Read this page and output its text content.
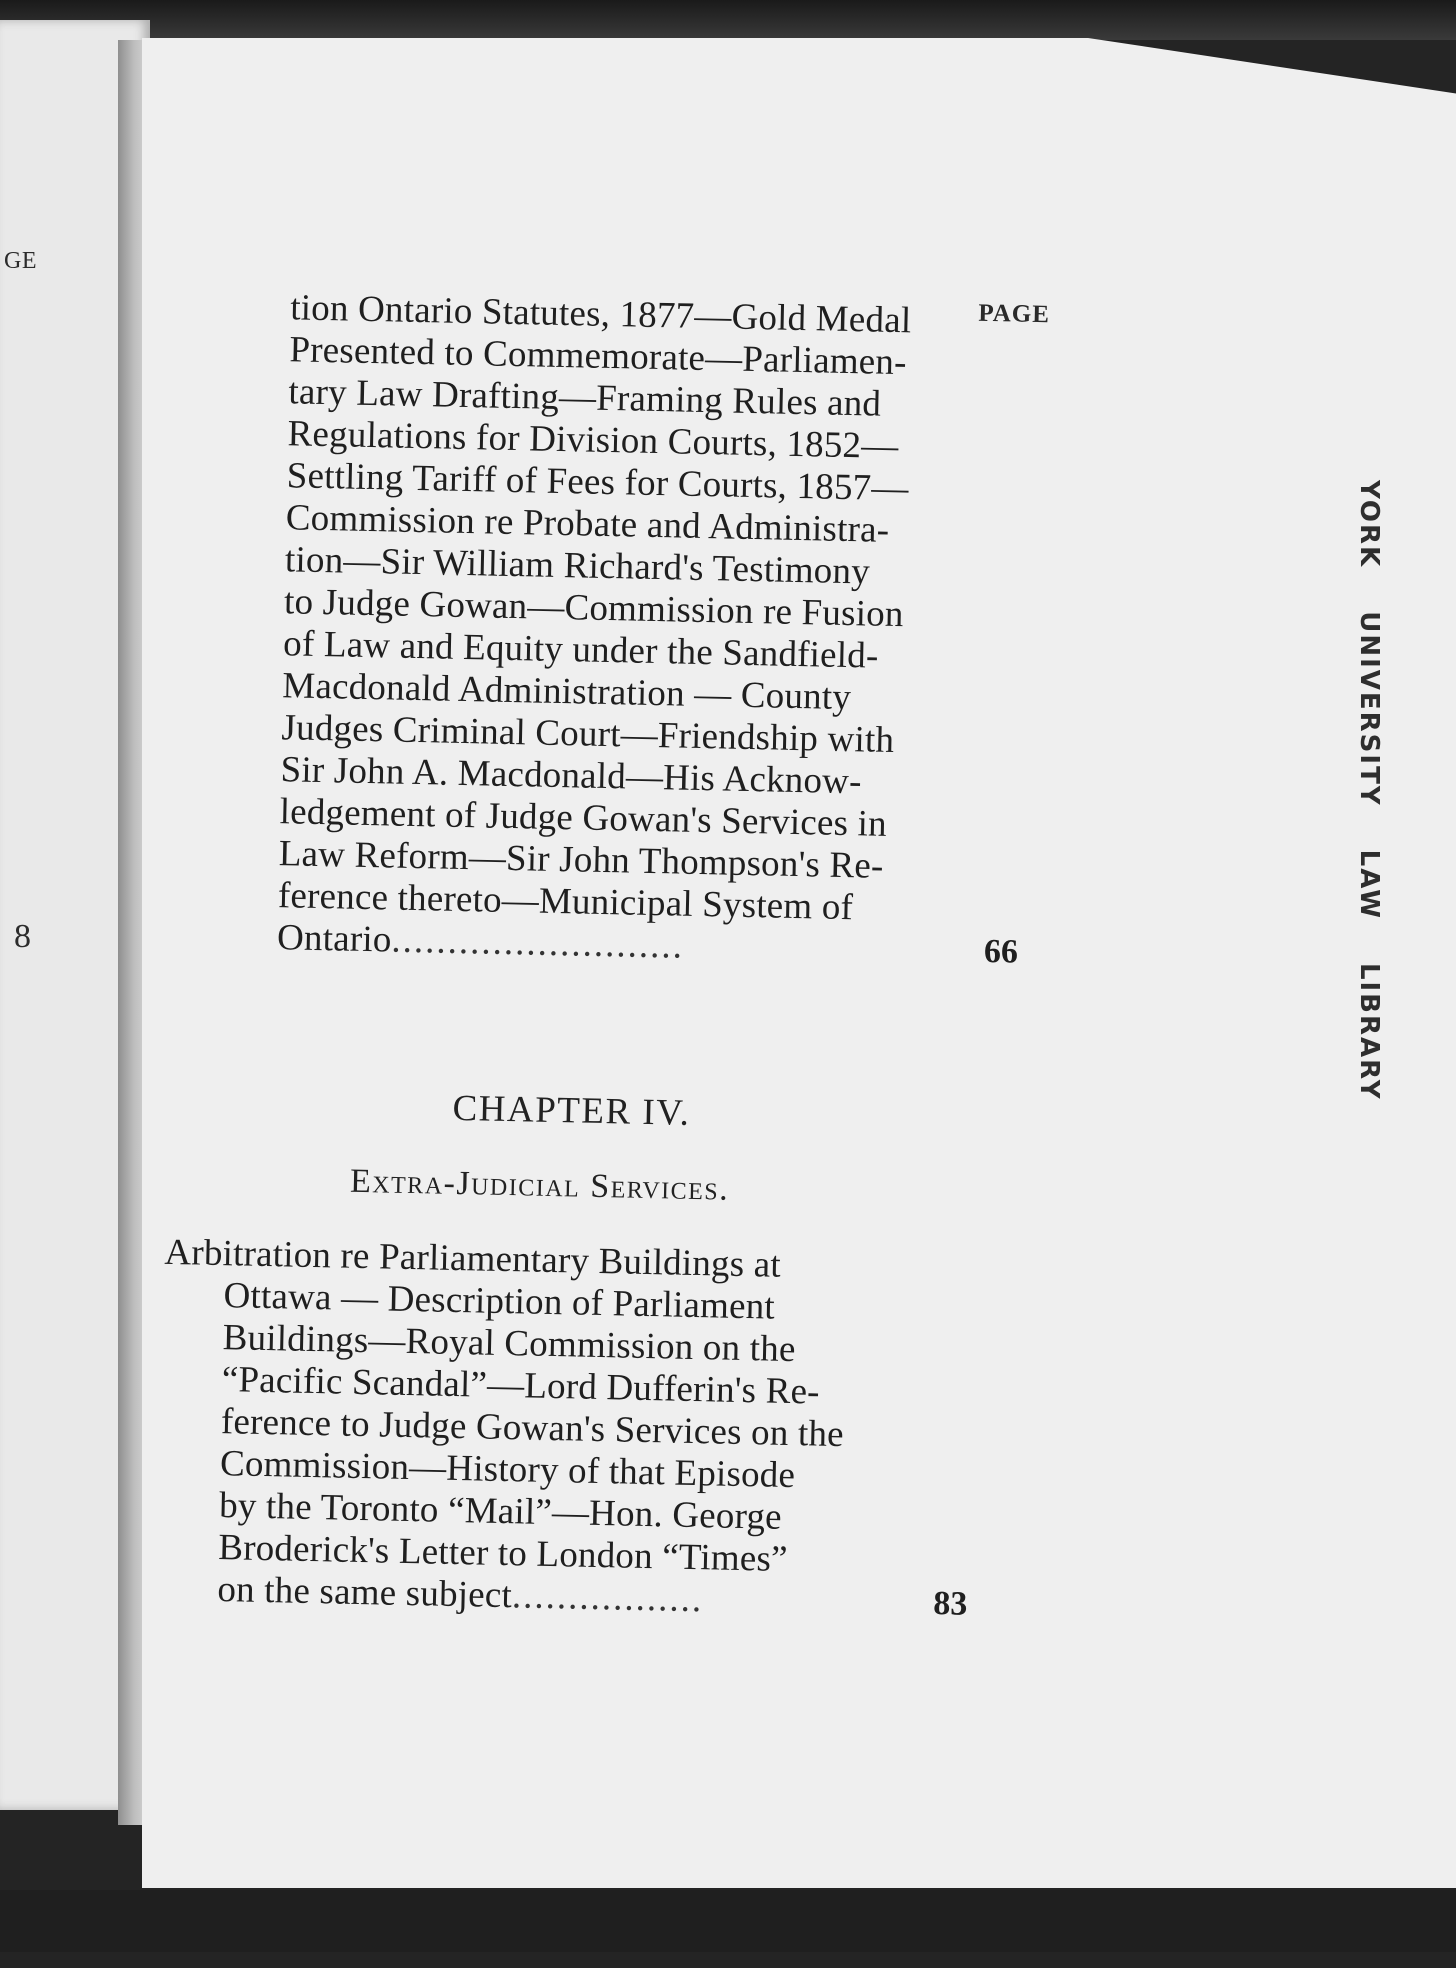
GE
8
PAGE
tion Ontario Statutes, 1877—Gold Medal
Presented to Commemorate—Parliamen-
tary Law Drafting—Framing Rules and
Regulations for Division Courts, 1852—
Settling Tariff of Fees for Courts, 1857—
Commission re Probate and Administra-
tion—Sir William Richard's Testimony
to Judge Gowan—Commission re Fusion
of Law and Equity under the Sandfield-
Macdonald Administration — County
Judges Criminal Court—Friendship with
Sir John A. Macdonald—His Acknow-
ledgement of Judge Gowan's Services in
Law Reform—Sir John Thompson's Re-
ference thereto—Municipal System of
Ontario..........................	66
CHAPTER IV.
Extra-Judicial Services.
Arbitration re Parliamentary Buildings at
Ottawa — Description of Parliament
Buildings—Royal Commission on the
“Pacific Scandal”—Lord Dufferin's Re-
ference to Judge Gowan's Services on the
Commission—History of that Episode
by the Toronto “Mail”—Hon. George
Broderick's Letter to London “Times”
on the same subject.................	83
YORK UNIVERSITY LAW LIBRARY
